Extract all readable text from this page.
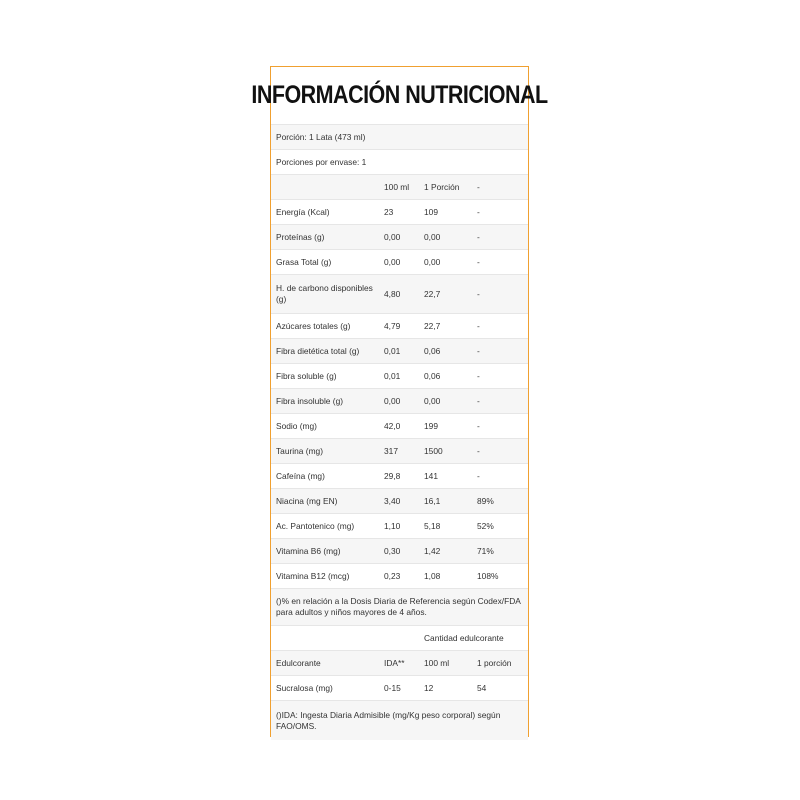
INFORMACIÓN NUTRICIONAL
Porción: 1 Lata (473 ml)			
Porciones por envase: 1			
	100 ml	1 Porción	-
Energía (Kcal)	23	109	-
Proteínas (g)	0,00	0,00	-
Grasa Total (g)	0,00	0,00	-
H. de carbono disponibles (g)	4,80	22,7	-
Azúcares totales (g)	4,79	22,7	-
Fibra dietética total (g)	0,01	0,06	-
Fibra soluble (g)	0,01	0,06	-
Fibra insoluble (g)	0,00	0,00	-
Sodio (mg)	42,0	199	-
Taurina (mg)	317	1500	-
Cafeína (mg)	29,8	141	-
Niacina (mg EN)	3,40	16,1	89%
Ac. Pantotenico (mg)	1,10	5,18	52%
Vitamina B6 (mg)	0,30	1,42	71%
Vitamina B12 (mcg)	0,23	1,08	108%
()% en relación a la Dosis Diaria de Referencia según Codex/FDA para adultos y niños mayores de 4 años.			
		Cantidad edulcorante	
Edulcorante	IDA**	100 ml	1 porción
Sucralosa (mg)	0-15	12	54
()IDA: Ingesta Diaria Admisible (mg/Kg peso corporal) según FAO/OMS.			
